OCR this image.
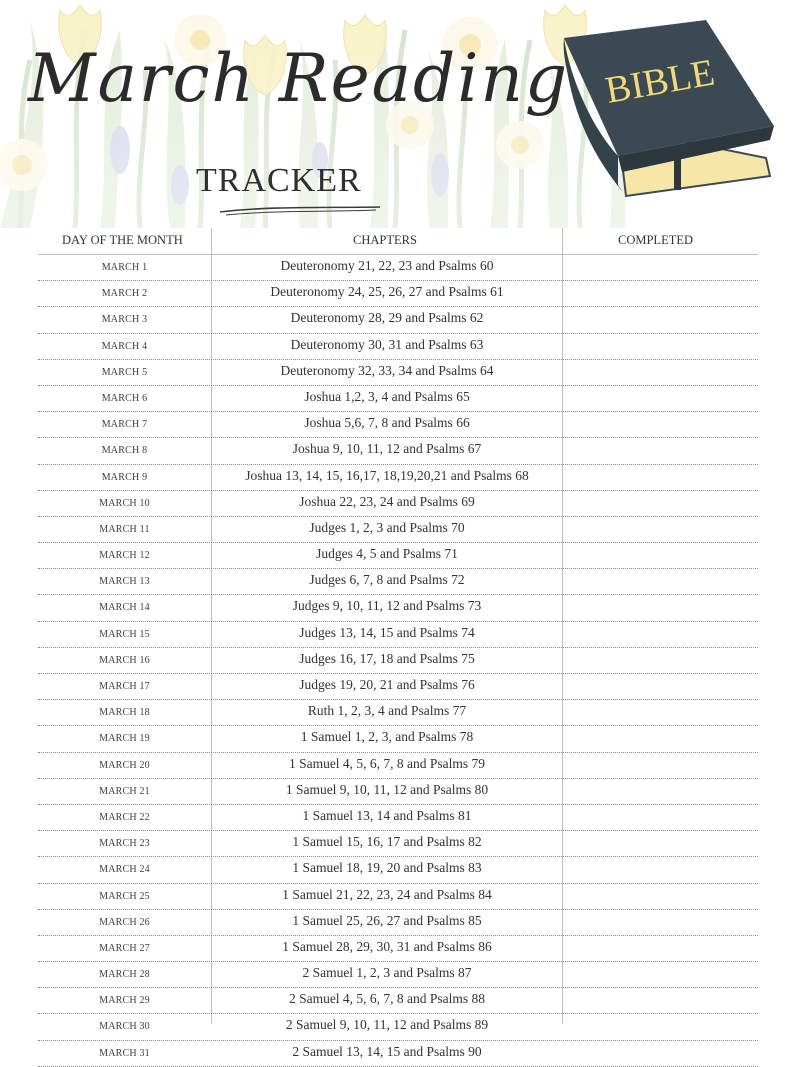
March Reading
TRACKER
BIBLE
DAY OF THE MONTH	CHAPTERS	COMPLETED
MARCH 1	Deuteronomy 21, 22, 23 and Psalms 60
MARCH 2	Deuteronomy 24, 25, 26, 27 and Psalms 61
MARCH 3	Deuteronomy 28, 29 and Psalms 62
MARCH 4	Deuteronomy 30, 31 and Psalms 63
MARCH 5	Deuteronomy 32, 33, 34 and Psalms 64
MARCH 6	Joshua 1,2, 3, 4 and Psalms 65
MARCH 7	Joshua 5,6, 7, 8 and Psalms 66
MARCH 8	Joshua 9, 10, 11, 12 and Psalms 67
MARCH 9	Joshua 13, 14, 15, 16,17, 18,19,20,21 and Psalms 68
MARCH 10	Joshua 22, 23, 24 and Psalms 69
MARCH 11	Judges 1, 2, 3 and Psalms 70
MARCH 12	Judges 4, 5 and Psalms 71
MARCH 13	Judges 6, 7, 8 and Psalms 72
MARCH 14	Judges 9, 10, 11, 12 and Psalms 73
MARCH 15	Judges 13, 14, 15 and Psalms 74
MARCH 16	Judges 16, 17, 18 and Psalms 75
MARCH 17	Judges 19, 20, 21 and Psalms 76
MARCH 18	Ruth 1, 2, 3, 4 and Psalms 77
MARCH 19	1 Samuel 1, 2, 3, and Psalms 78
MARCH 20	1 Samuel 4, 5, 6, 7, 8 and Psalms 79
MARCH 21	1 Samuel 9, 10, 11, 12 and Psalms 80
MARCH 22	1 Samuel 13, 14 and Psalms 81
MARCH 23	1 Samuel 15, 16, 17 and Psalms 82
MARCH 24	1 Samuel 18, 19, 20 and Psalms 83
MARCH 25	1 Samuel 21, 22, 23, 24 and Psalms 84
MARCH 26	1 Samuel 25, 26, 27 and Psalms 85
MARCH 27	1 Samuel 28, 29, 30, 31 and Psalms 86
MARCH 28	2 Samuel 1, 2, 3 and Psalms 87
MARCH 29	2 Samuel 4, 5, 6, 7, 8 and Psalms 88
MARCH 30	2 Samuel 9, 10, 11, 12 and Psalms 89
MARCH 31	2 Samuel 13, 14, 15 and Psalms 90
